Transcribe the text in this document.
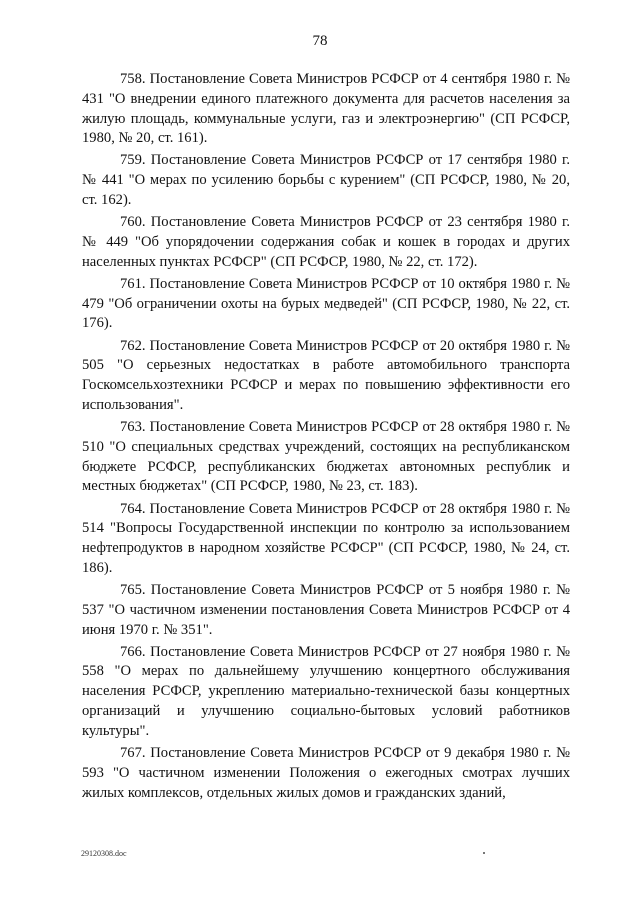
78

758. Постановление Совета Министров РСФСР от 4 сентября 1980 г. № 431 "О внедрении единого платежного документа для расчетов населения за жилую площадь, коммунальные услуги, газ и электроэнергию" (СП РСФСР, 1980, № 20, ст. 161).

759. Постановление Совета Министров РСФСР от 17 сентября 1980 г. № 441 "О мерах по усилению борьбы с курением" (СП РСФСР, 1980, № 20, ст. 162).

760. Постановление Совета Министров РСФСР от 23 сентября 1980 г. № 449 "Об упорядочении содержания собак и кошек в городах и других населенных пунктах РСФСР" (СП РСФСР, 1980, № 22, ст. 172).

761. Постановление Совета Министров РСФСР от 10 октября 1980 г. № 479 "Об ограничении охоты на бурых медведей" (СП РСФСР, 1980, № 22, ст. 176).

762. Постановление Совета Министров РСФСР от 20 октября 1980 г. № 505 "О серьезных недостатках в работе автомобильного транспорта Госкомсельхозтехники РСФСР и мерах по повышению эффективности его использования".

763. Постановление Совета Министров РСФСР от 28 октября 1980 г. № 510 "О специальных средствах учреждений, состоящих на республиканском бюджете РСФСР, республиканских бюджетах автономных республик и местных бюджетах" (СП РСФСР, 1980, № 23, ст. 183).

764. Постановление Совета Министров РСФСР от 28 октября 1980 г. № 514 "Вопросы Государственной инспекции по контролю за использованием нефтепродуктов в народном хозяйстве РСФСР" (СП РСФСР, 1980, № 24, ст. 186).

765. Постановление Совета Министров РСФСР от 5 ноября 1980 г. № 537 "О частичном изменении постановления Совета Министров РСФСР от 4 июня 1970 г. № 351".

766. Постановление Совета Министров РСФСР от 27 ноября 1980 г. № 558 "О мерах по дальнейшему улучшению концертного обслуживания населения РСФСР, укреплению материально-технической базы концертных организаций и улучшению социально-бытовых условий работников культуры".

767. Постановление Совета Министров РСФСР от 9 декабря 1980 г. № 593 "О частичном изменении Положения о ежегодных смотрах лучших жилых комплексов, отдельных жилых домов и гражданских зданий,

29120308.doc
